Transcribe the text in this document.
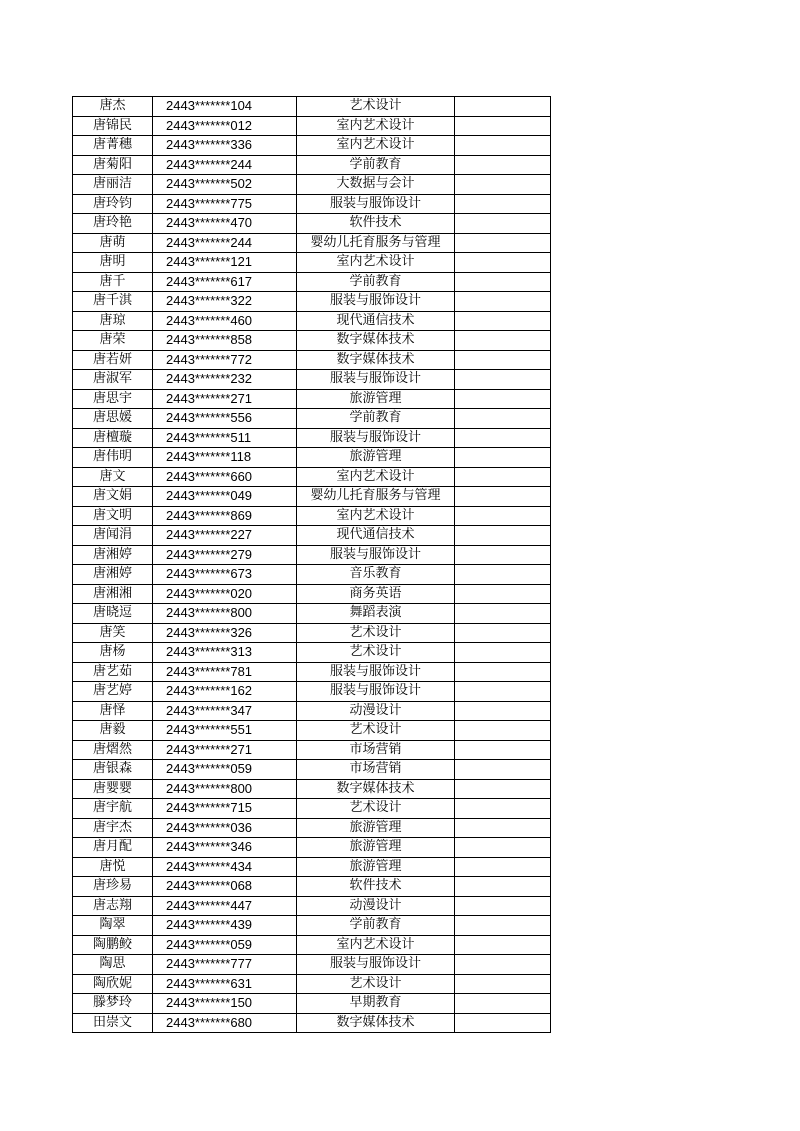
唐杰	2443*******104	艺术设计	
唐锦民	2443*******012	室内艺术设计	
唐菁穗	2443*******336	室内艺术设计	
唐菊阳	2443*******244	学前教育	
唐丽洁	2443*******502	大数据与会计	
唐玲钧	2443*******775	服装与服饰设计	
唐玲艳	2443*******470	软件技术	
唐萌	2443*******244	婴幼儿托育服务与管理	
唐明	2443*******121	室内艺术设计	
唐千	2443*******617	学前教育	
唐千淇	2443*******322	服装与服饰设计	
唐琼	2443*******460	现代通信技术	
唐荣	2443*******858	数字媒体技术	
唐若妍	2443*******772	数字媒体技术	
唐淑军	2443*******232	服装与服饰设计	
唐思宇	2443*******271	旅游管理	
唐思媛	2443*******556	学前教育	
唐檀璇	2443*******511	服装与服饰设计	
唐伟明	2443*******118	旅游管理	
唐文	2443*******660	室内艺术设计	
唐文娟	2443*******049	婴幼儿托育服务与管理	
唐文明	2443*******869	室内艺术设计	
唐闻涓	2443*******227	现代通信技术	
唐湘婷	2443*******279	服装与服饰设计	
唐湘婷	2443*******673	音乐教育	
唐湘湘	2443*******020	商务英语	
唐晓逗	2443*******800	舞蹈表演	
唐笑	2443*******326	艺术设计	
唐杨	2443*******313	艺术设计	
唐艺茹	2443*******781	服装与服饰设计	
唐艺婷	2443*******162	服装与服饰设计	
唐怿	2443*******347	动漫设计	
唐毅	2443*******551	艺术设计	
唐熠然	2443*******271	市场营销	
唐银森	2443*******059	市场营销	
唐婴婴	2443*******800	数字媒体技术	
唐宇航	2443*******715	艺术设计	
唐宇杰	2443*******036	旅游管理	
唐月配	2443*******346	旅游管理	
唐悦	2443*******434	旅游管理	
唐珍易	2443*******068	软件技术	
唐志翔	2443*******447	动漫设计	
陶翠	2443*******439	学前教育	
陶鹏鲛	2443*******059	室内艺术设计	
陶思	2443*******777	服装与服饰设计	
陶欣妮	2443*******631	艺术设计	
滕梦玲	2443*******150	早期教育	
田崇文	2443*******680	数字媒体技术	
